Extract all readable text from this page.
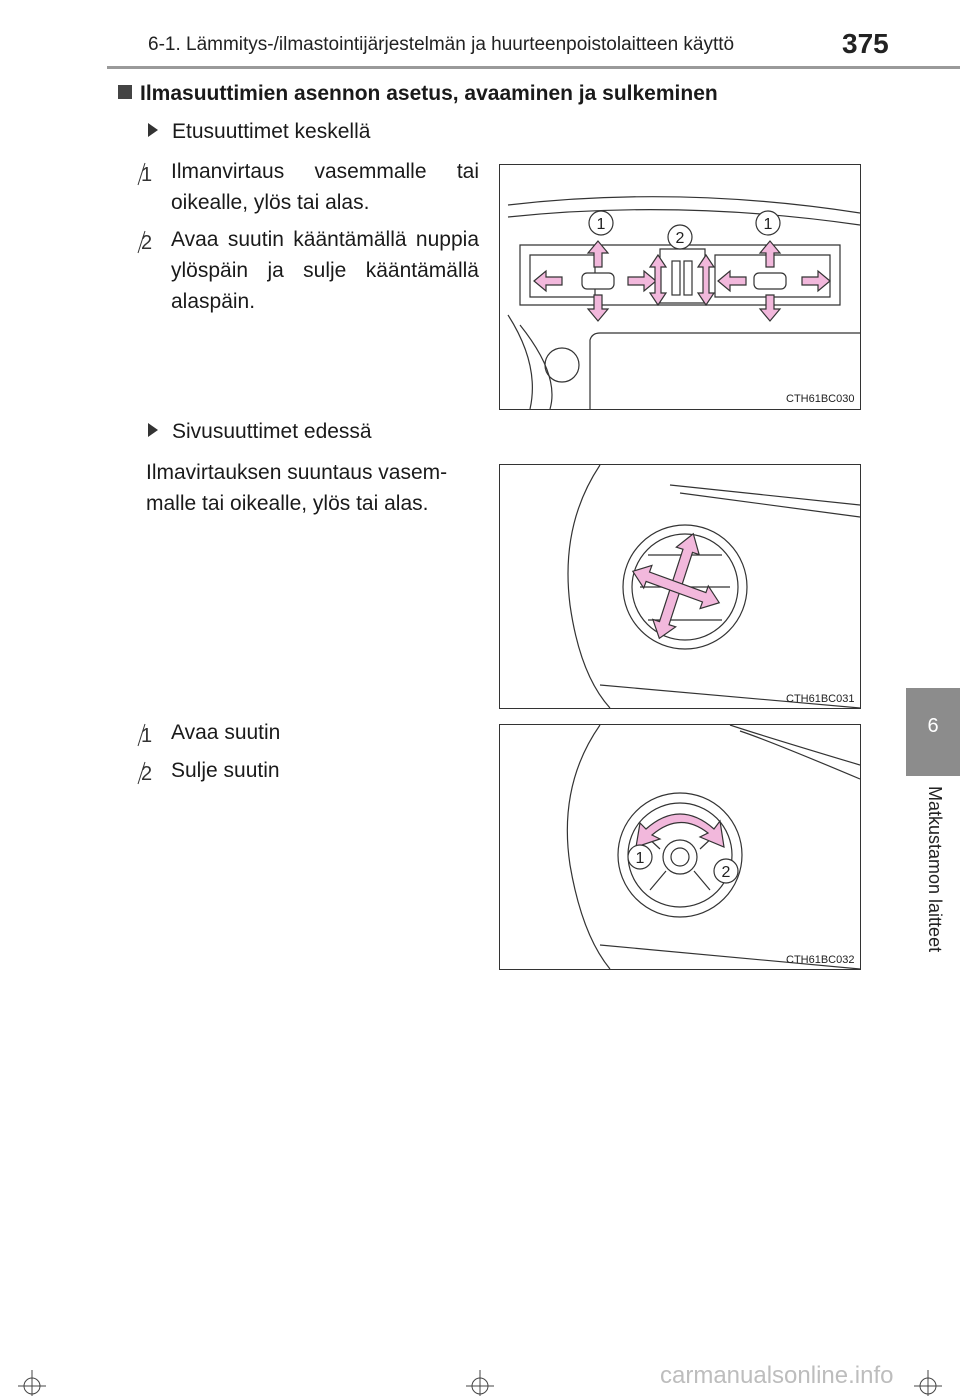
6-1. Lämmitys-/ilmastointijärjestelmän ja huurteenpoistolaitteen käyttö	375
6
Matkustamon laitteet
Ilmasuuttimien asennon asetus, avaaminen ja sulkeminen
Etusuuttimet keskellä
1 Ilmanvirtaus vasemmalle tai oikealle, ylös tai alas.
2 Avaa suutin kääntämällä nuppia ylöspäin ja sulje kääntämällä alaspäin.
1
2
1
CTH61BC030
Sivusuuttimet edessä
Ilmavirtauksen suuntaus vasem-malle tai oikealle, ylös tai alas.
CTH61BC031
1 Avaa suutin
2 Sulje suutin
1
2
CTH61BC032
carmanualsonline.info
